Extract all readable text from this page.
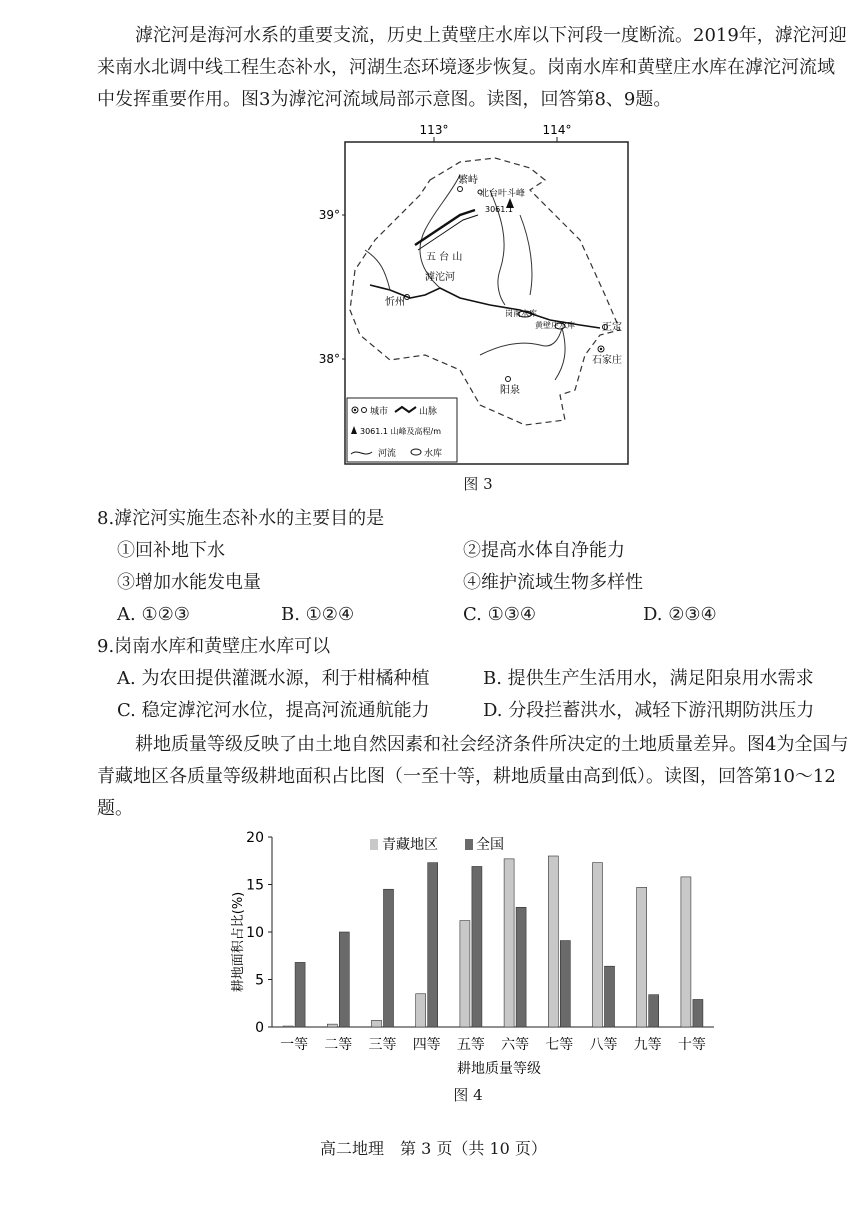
滹沱河是海河水系的重要支流，历史上黄壁庄水库以下河段一度断流。2019年，滹沱河迎来南水北调中线工程生态补水，河湖生态环境逐步恢复。岗南水库和黄壁庄水库在滹沱河流域中发挥重要作用。图3为滹沱河流域局部示意图。读图，回答第8、9题。

113°	114°
39°
38°
3061.1
繁峙
北台叶斗峰
五 台 山
忻州
滹沱河
岗南水库
黄壁庄水库	正定
石家庄
阳泉
城市	山脉
3061.1 山峰及高程/m
河流	水库
图 3

8.滹沱河实施生态补水的主要目的是

①回补地下水	②提高水体自净能力

③增加水能发电量	④维护流域生物多样性

A. ①②③	B. ①②④	C. ①③④	D. ②③④

9.岗南水库和黄壁庄水库可以

A. 为农田提供灌溉水源，利于柑橘种植	B. 提供生产生活用水，满足阳泉用水需求

C. 稳定滹沱河水位，提高河流通航能力	D. 分段拦蓄洪水，减轻下游汛期防洪压力

耕地质量等级反映了由土地自然因素和社会经济条件所决定的土地质量差异。图4为全国与青藏地区各质量等级耕地面积占比图（一至十等，耕地质量由高到低）。读图，回答第10～12题。

耕地面积占比(%)
耕地质量等级
青藏地区	全国
0
5
10
15
20
一等 二等 三等 四等 五等 六等 七等 八等 九等 十等
图 4
高二地理　第 3 页（共 10 页）
